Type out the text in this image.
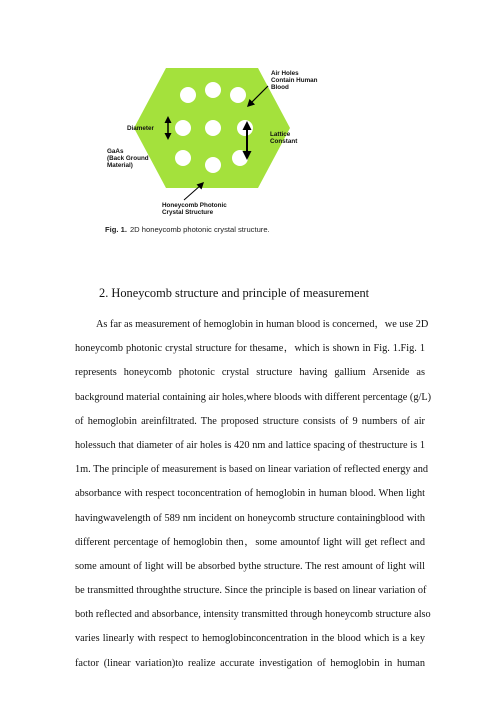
Air Holes
Contain Human
Blood
Diameter
GaAs
(Back Ground
Material)
Lattice
Constant
Honeycomb Photonic
Crystal Structure
Fig. 1. 2D honeycomb photonic crystal structure.
2. Honeycomb structure and principle of measurement
As far as measurement of hemoglobin in human blood is concerned，we use 2D
honeycomb photonic crystal structure for thesame，which is shown in Fig. 1.Fig. 1
represents honeycomb photonic crystal structure having gallium Arsenide as
background material containing air holes,where bloods with different percentage (g/L)
of hemoglobin areinfiltrated. The proposed structure consists of 9 numbers of air
holessuch that diameter of air holes is 420 nm and lattice spacing of thestructure is 1
1m. The principle of measurement is based on linear variation of reflected energy and
absorbance with respect toconcentration of hemoglobin in human blood. When light
havingwavelength of 589 nm incident on honeycomb structure containingblood with
different percentage of hemoglobin then，some amountof light will get reflect and
some amount of light will be absorbed bythe structure. The rest amount of light will
be transmitted throughthe structure. Since the principle is based on linear variation of
both reflected and absorbance, intensity transmitted through honeycomb structure also
varies linearly with respect to hemoglobinconcentration in the blood which is a key
factor (linear variation)to realize accurate investigation of hemoglobin in human
